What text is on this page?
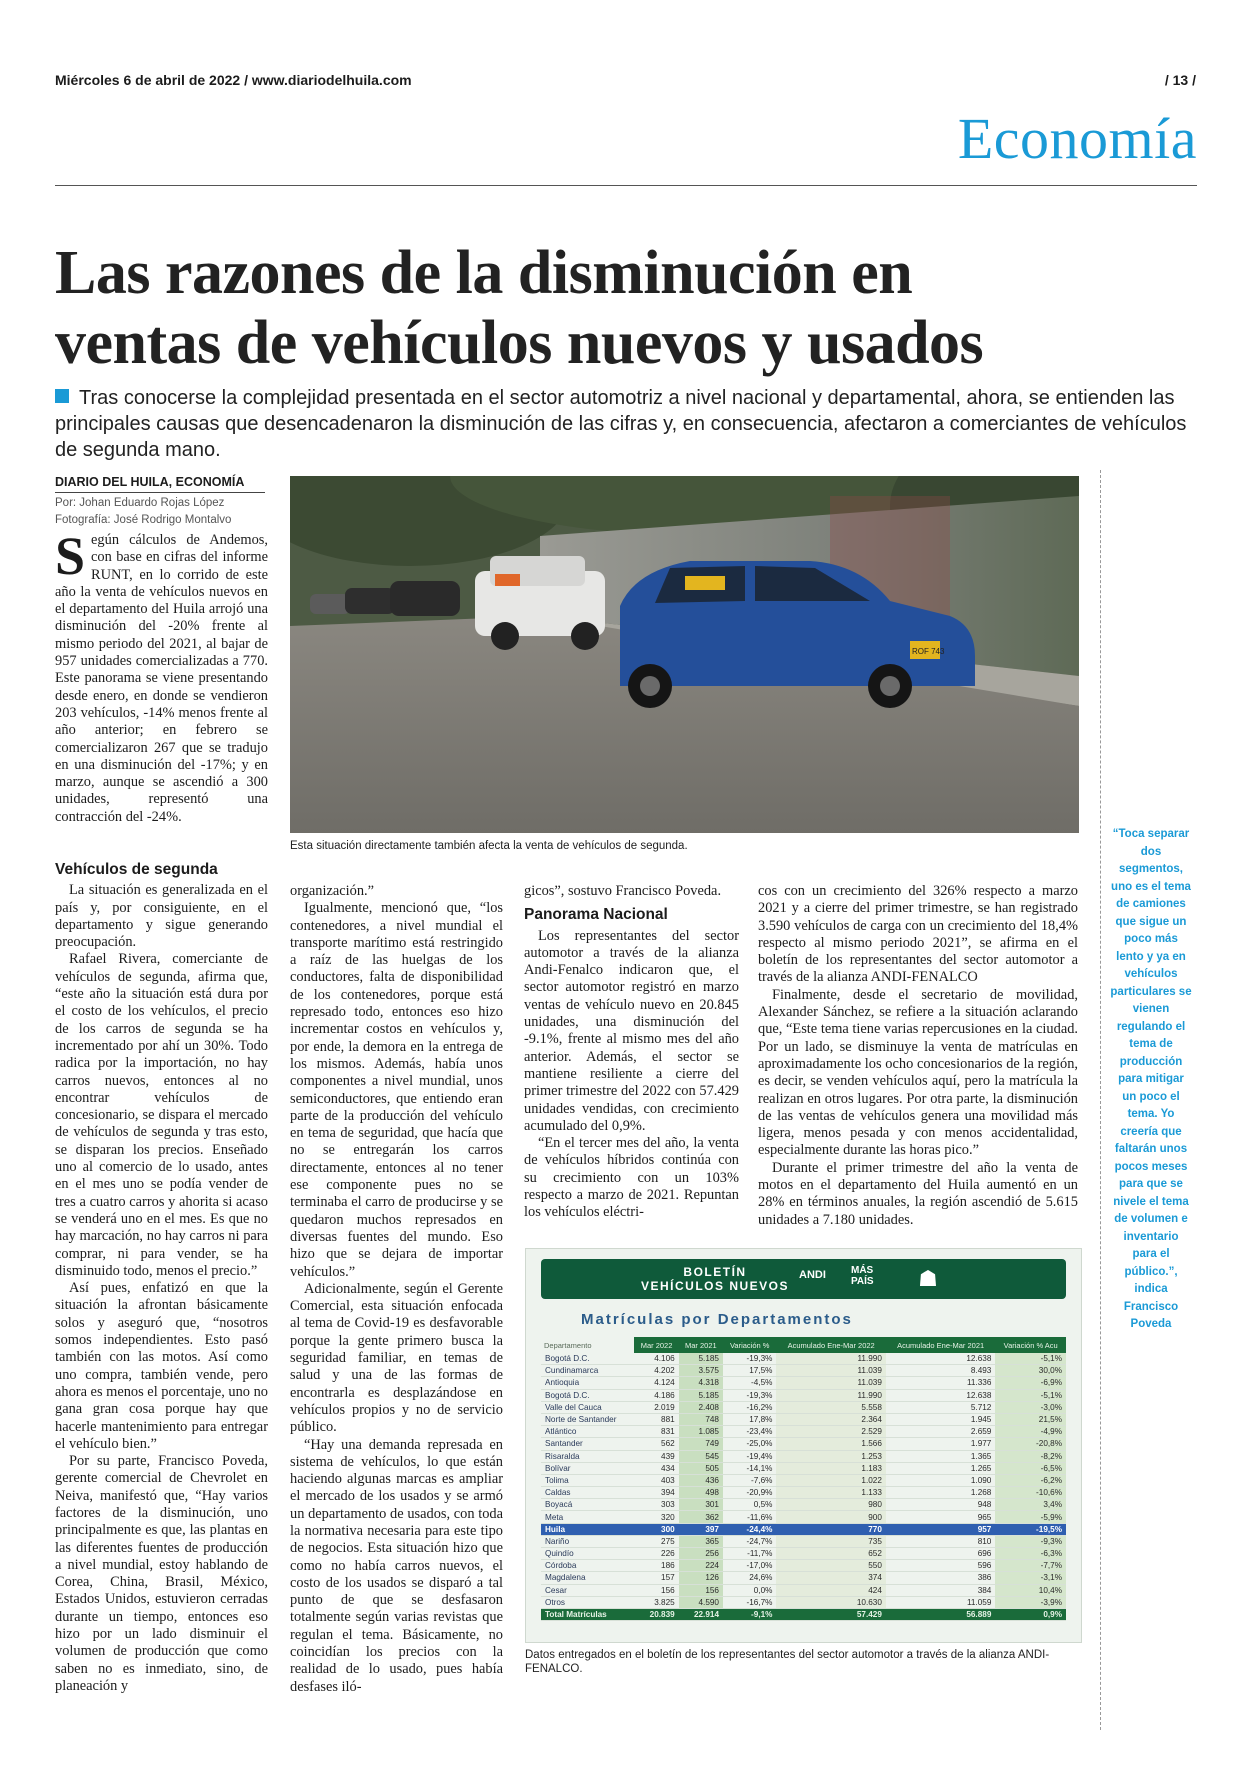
Miércoles 6 de abril de 2022 / www.diariodelhuila.com	/ 13 /
Economía
Las razones de la disminución en
ventas de vehículos nuevos y usados
Tras conocerse la complejidad presentada en el sector automotriz a nivel nacional y departamental, ahora, se entienden las principales causas que desencadenaron la disminución de las cifras y, en consecuencia, afectaron a comerciantes de vehículos de segunda mano.
DIARIO DEL HUILA, ECONOMÍA
Por: Johan Eduardo Rojas López
Fotografía: José Rodrigo Montalvo

Según cálculos de Andemos, con base en cifras del informe RUNT, en lo corrido de este año la venta de vehículos nuevos en el departamento del Huila arrojó una disminución del -20% frente al mismo periodo del 2021, al bajar de 957 unidades comercializadas a 770. Este panorama se viene presentando desde enero, en donde se vendieron 203 vehículos, -14% menos frente al año anterior; en febrero se comercializaron 267 que se tradujo en una disminución del -17%; y en marzo, aunque se ascendió a 300 unidades, representó una contracción del -24%.

Vehículos de segunda

La situación es generalizada en el país y, por consiguiente, en el departamento y sigue generando preocupación.

Rafael Rivera, comerciante de vehículos de segunda, afirma que, “este año la situación está dura por el costo de los vehículos, el precio de los carros de segunda se ha incrementado por ahí un 30%. Todo radica por la importación, no hay carros nuevos, entonces al no encontrar vehículos de concesionario, se dispara el mercado de vehículos de segunda y tras esto, se disparan los precios. Enseñado uno al comercio de lo usado, antes en el mes uno se podía vender de tres a cuatro carros y ahorita si acaso se venderá uno en el mes. Es que no hay marcación, no hay carros ni para comprar, ni para vender, se ha disminuido todo, menos el precio.”

Así pues, enfatizó en que la situación la afrontan básicamente solos y aseguró que, “nosotros somos independientes. Esto pasó también con las motos. Así como uno compra, también vende, pero ahora es menos el porcentaje, uno no gana gran cosa porque hay que hacerle mantenimiento para entregar el vehículo bien.”

Por su parte, Francisco Poveda, gerente comercial de Chevrolet en Neiva, manifestó que, “Hay varios factores de la disminución, uno principalmente es que, las plantas en las diferentes fuentes de producción a nivel mundial, estoy hablando de Corea, China, Brasil, México, Estados Unidos, estuvieron cerradas durante un tiempo, entonces eso hizo por un lado disminuir el volumen de producción que como saben no es inmediato, sino, de planeación y

organización.”

Igualmente, mencionó que, “los contenedores, a nivel mundial el transporte marítimo está restringido a raíz de las huelgas de los conductores, falta de disponibilidad de los contenedores, porque está represado todo, entonces eso hizo incrementar costos en vehículos y, por ende, la demora en la entrega de los mismos. Además, había unos componentes a nivel mundial, unos semiconductores, que entiendo eran parte de la producción del vehículo en tema de seguridad, que hacía que no se entregarán los carros directamente, entonces al no tener ese componente pues no se terminaba el carro de producirse y se quedaron muchos represados en diversas fuentes del mundo. Eso hizo que se dejara de importar vehículos.”

Adicionalmente, según el Gerente Comercial, esta situación enfocada al tema de Covid-19 es desfavorable porque la gente primero busca la seguridad familiar, en temas de salud y una de las formas de encontrarla es desplazándose en vehículos propios y no de servicio público.

“Hay una demanda represada en sistema de vehículos, lo que están haciendo algunas marcas es ampliar el mercado de los usados y se armó un departamento de usados, con toda la normativa necesaria para este tipo de negocios. Esta situación hizo que como no había carros nuevos, el costo de los usados se disparó a tal punto de que se desfasaron totalmente según varias revistas que regulan el tema. Básicamente, no coincidían los precios con la realidad de lo usado, pues había desfases iló-

gicos”, sostuvo Francisco Poveda.

Panorama Nacional

Los representantes del sector automotor a través de la alianza Andi-Fenalco indicaron que, el sector automotor registró en marzo ventas de vehículo nuevo en 20.845 unidades, una disminución del -9.1%, frente al mismo mes del año anterior. Además, el sector se mantiene resiliente a cierre del primer trimestre del 2022 con 57.429 unidades vendidas, con crecimiento acumulado del 0,9%.

“En el tercer mes del año, la venta de vehículos híbridos continúa con su crecimiento con un 103% respecto a marzo de 2021. Repuntan los vehículos eléctri-

cos con un crecimiento del 326% respecto a marzo 2021 y a cierre del primer trimestre, se han registrado 3.590 vehículos de carga con un crecimiento del 18,4% respecto al mismo periodo 2021”, se afirma en el boletín de los representantes del sector automotor a través de la alianza ANDI-FENALCO

Finalmente, desde el secretario de movilidad, Alexander Sánchez, se refiere a la situación aclarando que, “Este tema tiene varias repercusiones en la ciudad. Por un lado, se disminuye la venta de matrículas en aproximadamente los ocho concesionarios de la región, es decir, se venden vehículos aquí, pero la matrícula la realizan en otros lugares. Por otra parte, la disminución de las ventas de vehículos genera una movilidad más ligera, menos pesada y con menos accidentalidad, especialmente durante las horas pico.”

Durante el primer trimestre del año la venta de motos en el departamento del Huila aumentó en un 28% en términos anuales, la región ascendió de 5.615 unidades a 7.180 unidades.

ROF 743
Esta situación directamente también afecta la venta de vehículos de segunda.
“Toca separar dos segmentos, uno es el tema de camiones que sigue un poco más lento y ya en vehículos particulares se vienen regulando el tema de producción para mitigar un poco el tema. Yo creería que faltarán unos pocos meses para que se nivele el tema de volumen e inventario para el público.”, indica Francisco Poveda
BOLETÍN
VEHÍCULOS NUEVOS
ANDI	MÁS
PAÍS ☗
Matrículas por Departamentos
Departamento	Mar 2022	Mar 2021	Variación %	Acumulado Ene-Mar 2022	Acumulado Ene-Mar 2021	Variación % Acu
Bogotá D.C.	4.106	5.185	-19,3%	11.990	12.638	-5,1%
Cundinamarca	4.202	3.575	17,5%	11.039	8.493	30,0%
Antioquia	4.124	4.318	-4,5%	11.039	11.336	-6,9%
Bogotá D.C.	4.186	5.185	-19,3%	11.990	12.638	-5,1%
Valle del Cauca	2.019	2.408	-16,2%	5.558	5.712	-3,0%
Norte de Santander	881	748	17,8%	2.364	1.945	21,5%
Atlántico	831	1.085	-23,4%	2.529	2.659	-4,9%
Santander	562	749	-25,0%	1.566	1.977	-20,8%
Risaralda	439	545	-19,4%	1.253	1.365	-8,2%
Bolívar	434	505	-14,1%	1.183	1.265	-6,5%
Tolima	403	436	-7,6%	1.022	1.090	-6,2%
Caldas	394	498	-20,9%	1.133	1.268	-10,6%
Boyacá	303	301	0,5%	980	948	3,4%
Meta	320	362	-11,6%	900	965	-5,9%
Huila	300	397	-24,4%	770	957	-19,5%
Nariño	275	365	-24,7%	735	810	-9,3%
Quindío	226	256	-11,7%	652	696	-6,3%
Córdoba	186	224	-17,0%	550	596	-7,7%
Magdalena	157	126	24,6%	374	386	-3,1%
Cesar	156	156	0,0%	424	384	10,4%
Otros	3.825	4.590	-16,7%	10.630	11.059	-3,9%
Total Matrículas	20.839	22.914	-9,1%	57.429	56.889	0,9%
Datos entregados en el boletín de los representantes del sector automotor a través de la alianza ANDI-FENALCO.
